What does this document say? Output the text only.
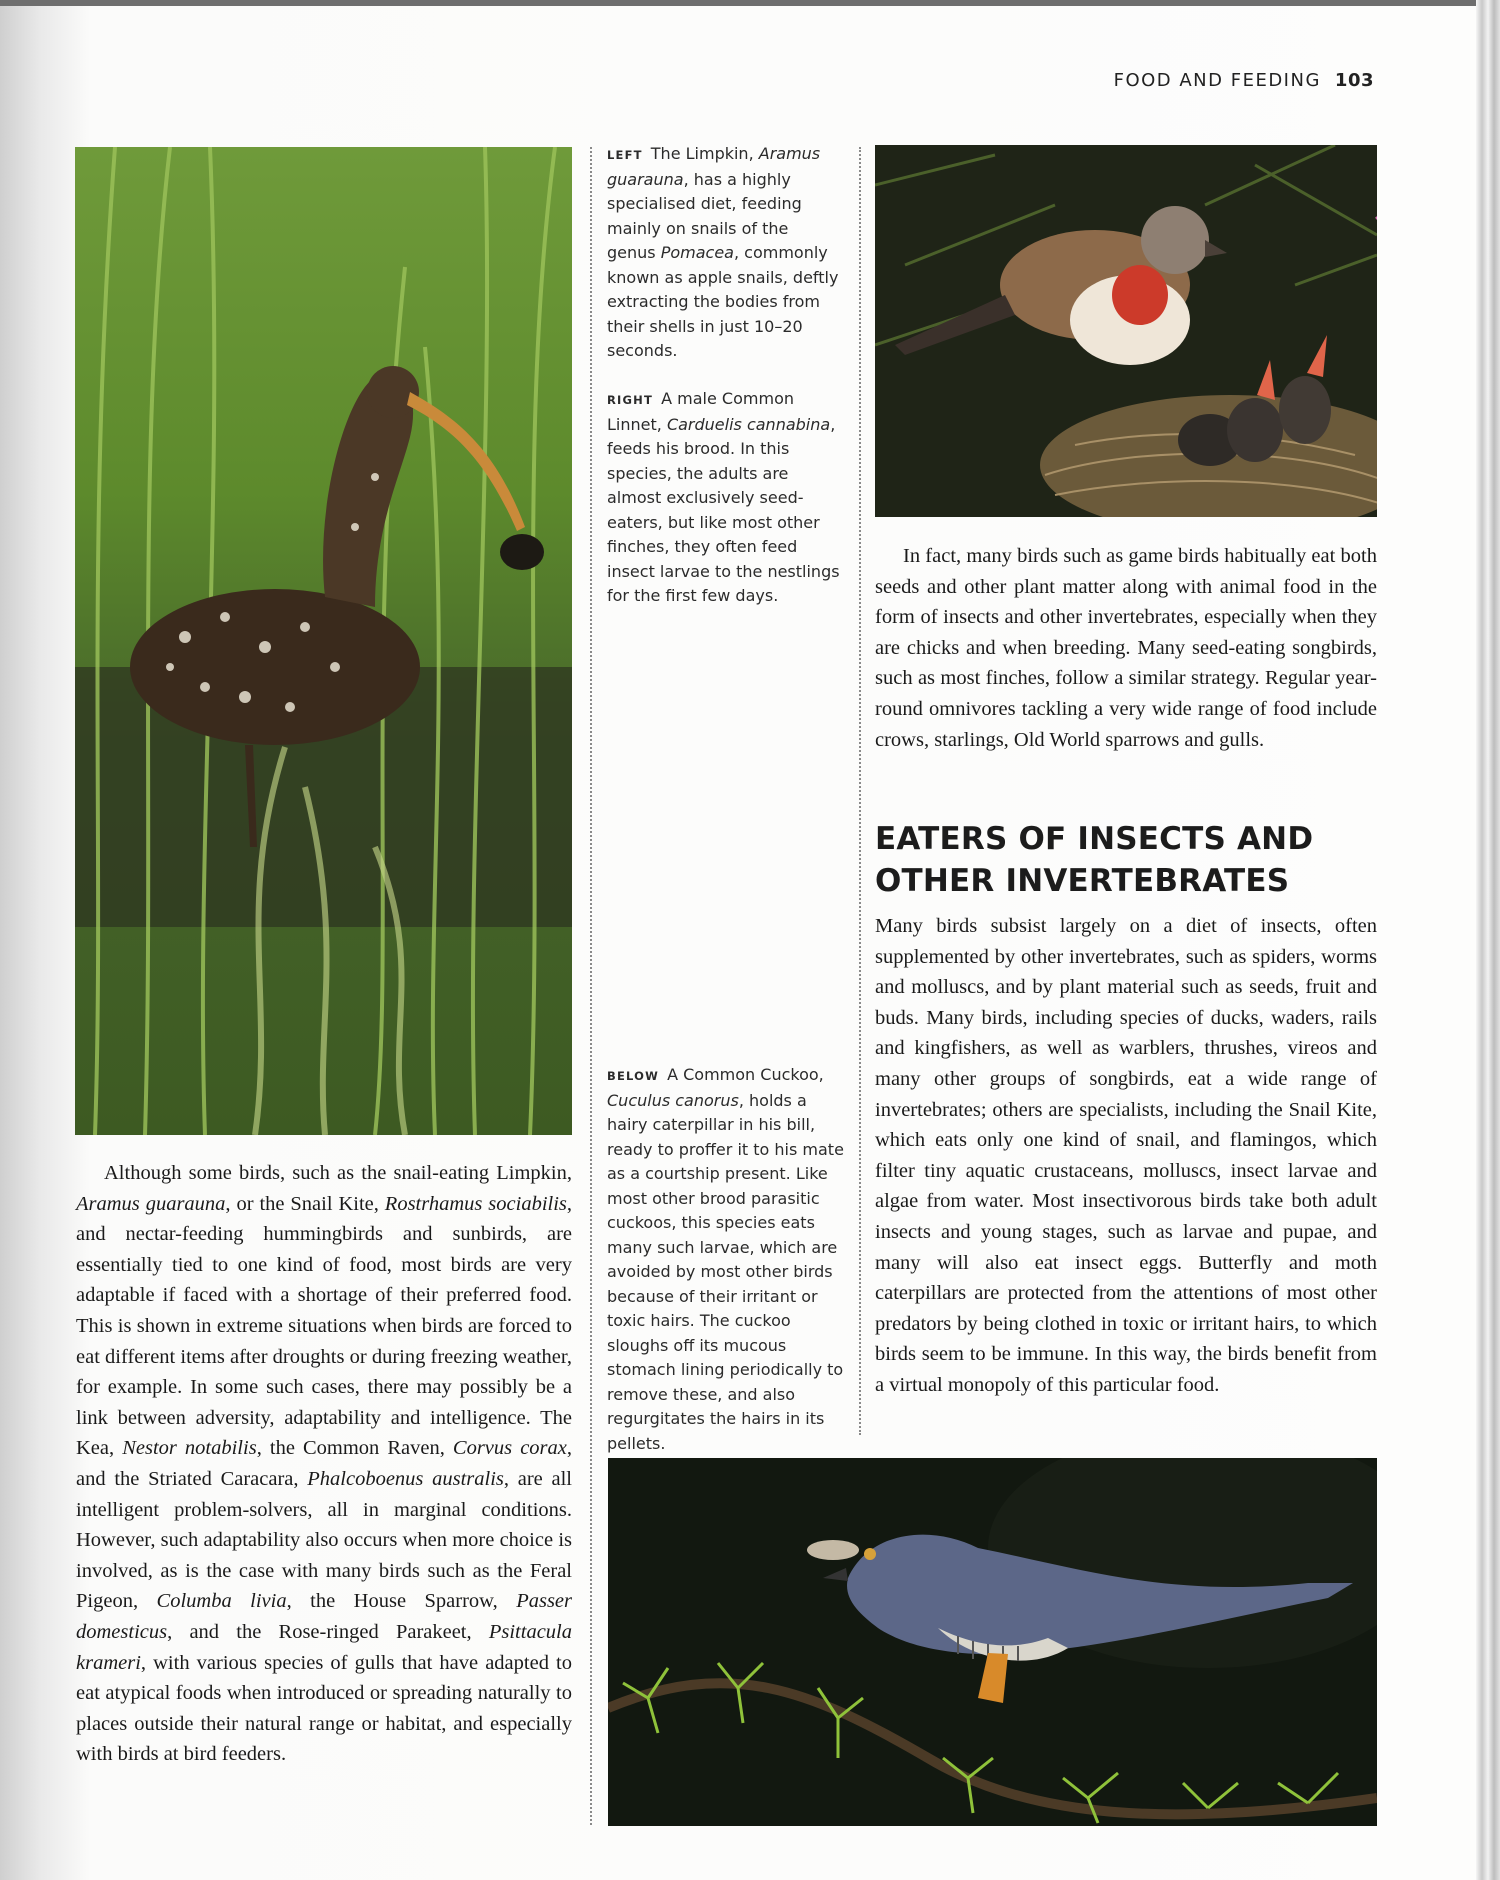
FOOD AND FEEDING 103
LEFT The Limpkin, Aramus guarauna, has a highly specialised diet, feeding mainly on snails of the genus Pomacea, commonly known as apple snails, deftly extracting the bodies from their shells in just 10–20 seconds.
RIGHT A male Common Linnet, Carduelis cannabina, feeds his brood. In this species, the adults are almost exclusively seed-eaters, but like most other finches, they often feed insect larvae to the nestlings for the first few days.
BELOW A Common Cuckoo, Cuculus canorus, holds a hairy caterpillar in his bill, ready to proffer it to his mate as a courtship present. Like most other brood parasitic cuckoos, this species eats many such larvae, which are avoided by most other birds because of their irritant or toxic hairs. The cuckoo sloughs off its mucous stomach lining periodically to remove these, and also regurgitates the hairs in its pellets.

Although some birds, such as the snail-eating Limpkin, Aramus guarauna, or the Snail Kite, Rostrhamus sociabilis, and nectar-feeding hummingbirds and sunbirds, are essentially tied to one kind of food, most birds are very adaptable if faced with a shortage of their preferred food. This is shown in extreme situations when birds are forced to eat different items after droughts or during freezing weather, for example. In some such cases, there may possibly be a link between adversity, adaptability and intelligence. The Kea, Nestor notabilis, the Common Raven, Corvus corax, and the Striated Caracara, Phalcoboenus australis, are all intelligent problem-solvers, all in marginal conditions. However, such adaptability also occurs when more choice is involved, as is the case with many birds such as the Feral Pigeon, Columba livia, the House Sparrow, Passer domesticus, and the Rose-ringed Parakeet, Psittacula krameri, with various species of gulls that have adapted to eat atypical foods when introduced or spreading naturally to places outside their natural range or habitat, and especially with birds at bird feeders.

In fact, many birds such as game birds habitually eat both seeds and other plant matter along with animal food in the form of insects and other invertebrates, especially when they are chicks and when breeding. Many seed-eating songbirds, such as most finches, follow a similar strategy. Regular year-round omnivores tackling a very wide range of food include crows, starlings, Old World sparrows and gulls.

EATERS OF INSECTS AND OTHER INVERTEBRATES

Many birds subsist largely on a diet of insects, often supplemented by other invertebrates, such as spiders, worms and molluscs, and by plant material such as seeds, fruit and buds. Many birds, including species of ducks, waders, rails and kingfishers, as well as warblers, thrushes, vireos and many other groups of songbirds, eat a wide range of invertebrates; others are specialists, including the Snail Kite, which eats only one kind of snail, and flamingos, which filter tiny aquatic crustaceans, molluscs, insect larvae and algae from water. Most insectivorous birds take both adult insects and young stages, such as larvae and pupae, and many will also eat insect eggs. Butterfly and moth caterpillars are protected from the attentions of most other predators by being clothed in toxic or irritant hairs, to which birds seem to be immune. In this way, the birds benefit from a virtual monopoly of this particular food.
